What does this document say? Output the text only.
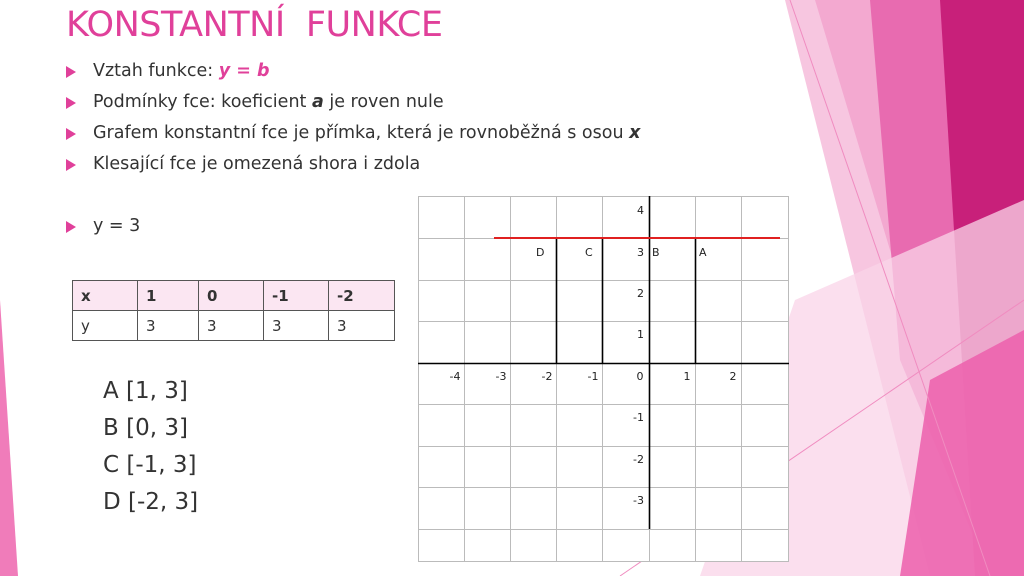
KONSTANTNÍ  FUNKCE
Vztah funkce: y = b
Podmínky fce: koeficient a je roven nule
Grafem konstantní fce je přímka, která je rovnoběžná s osou x
Klesající fce je omezená shora i zdola
y = 3
x	1	0	-1	-2
y	3	3	3	3
A [1, 3]
B [0, 3]
C [-1, 3]
D [-2, 3]
-4	-3	-2	-1	0	1	2
4
3
2
1
-1
-2
-3
D	C	B	A
